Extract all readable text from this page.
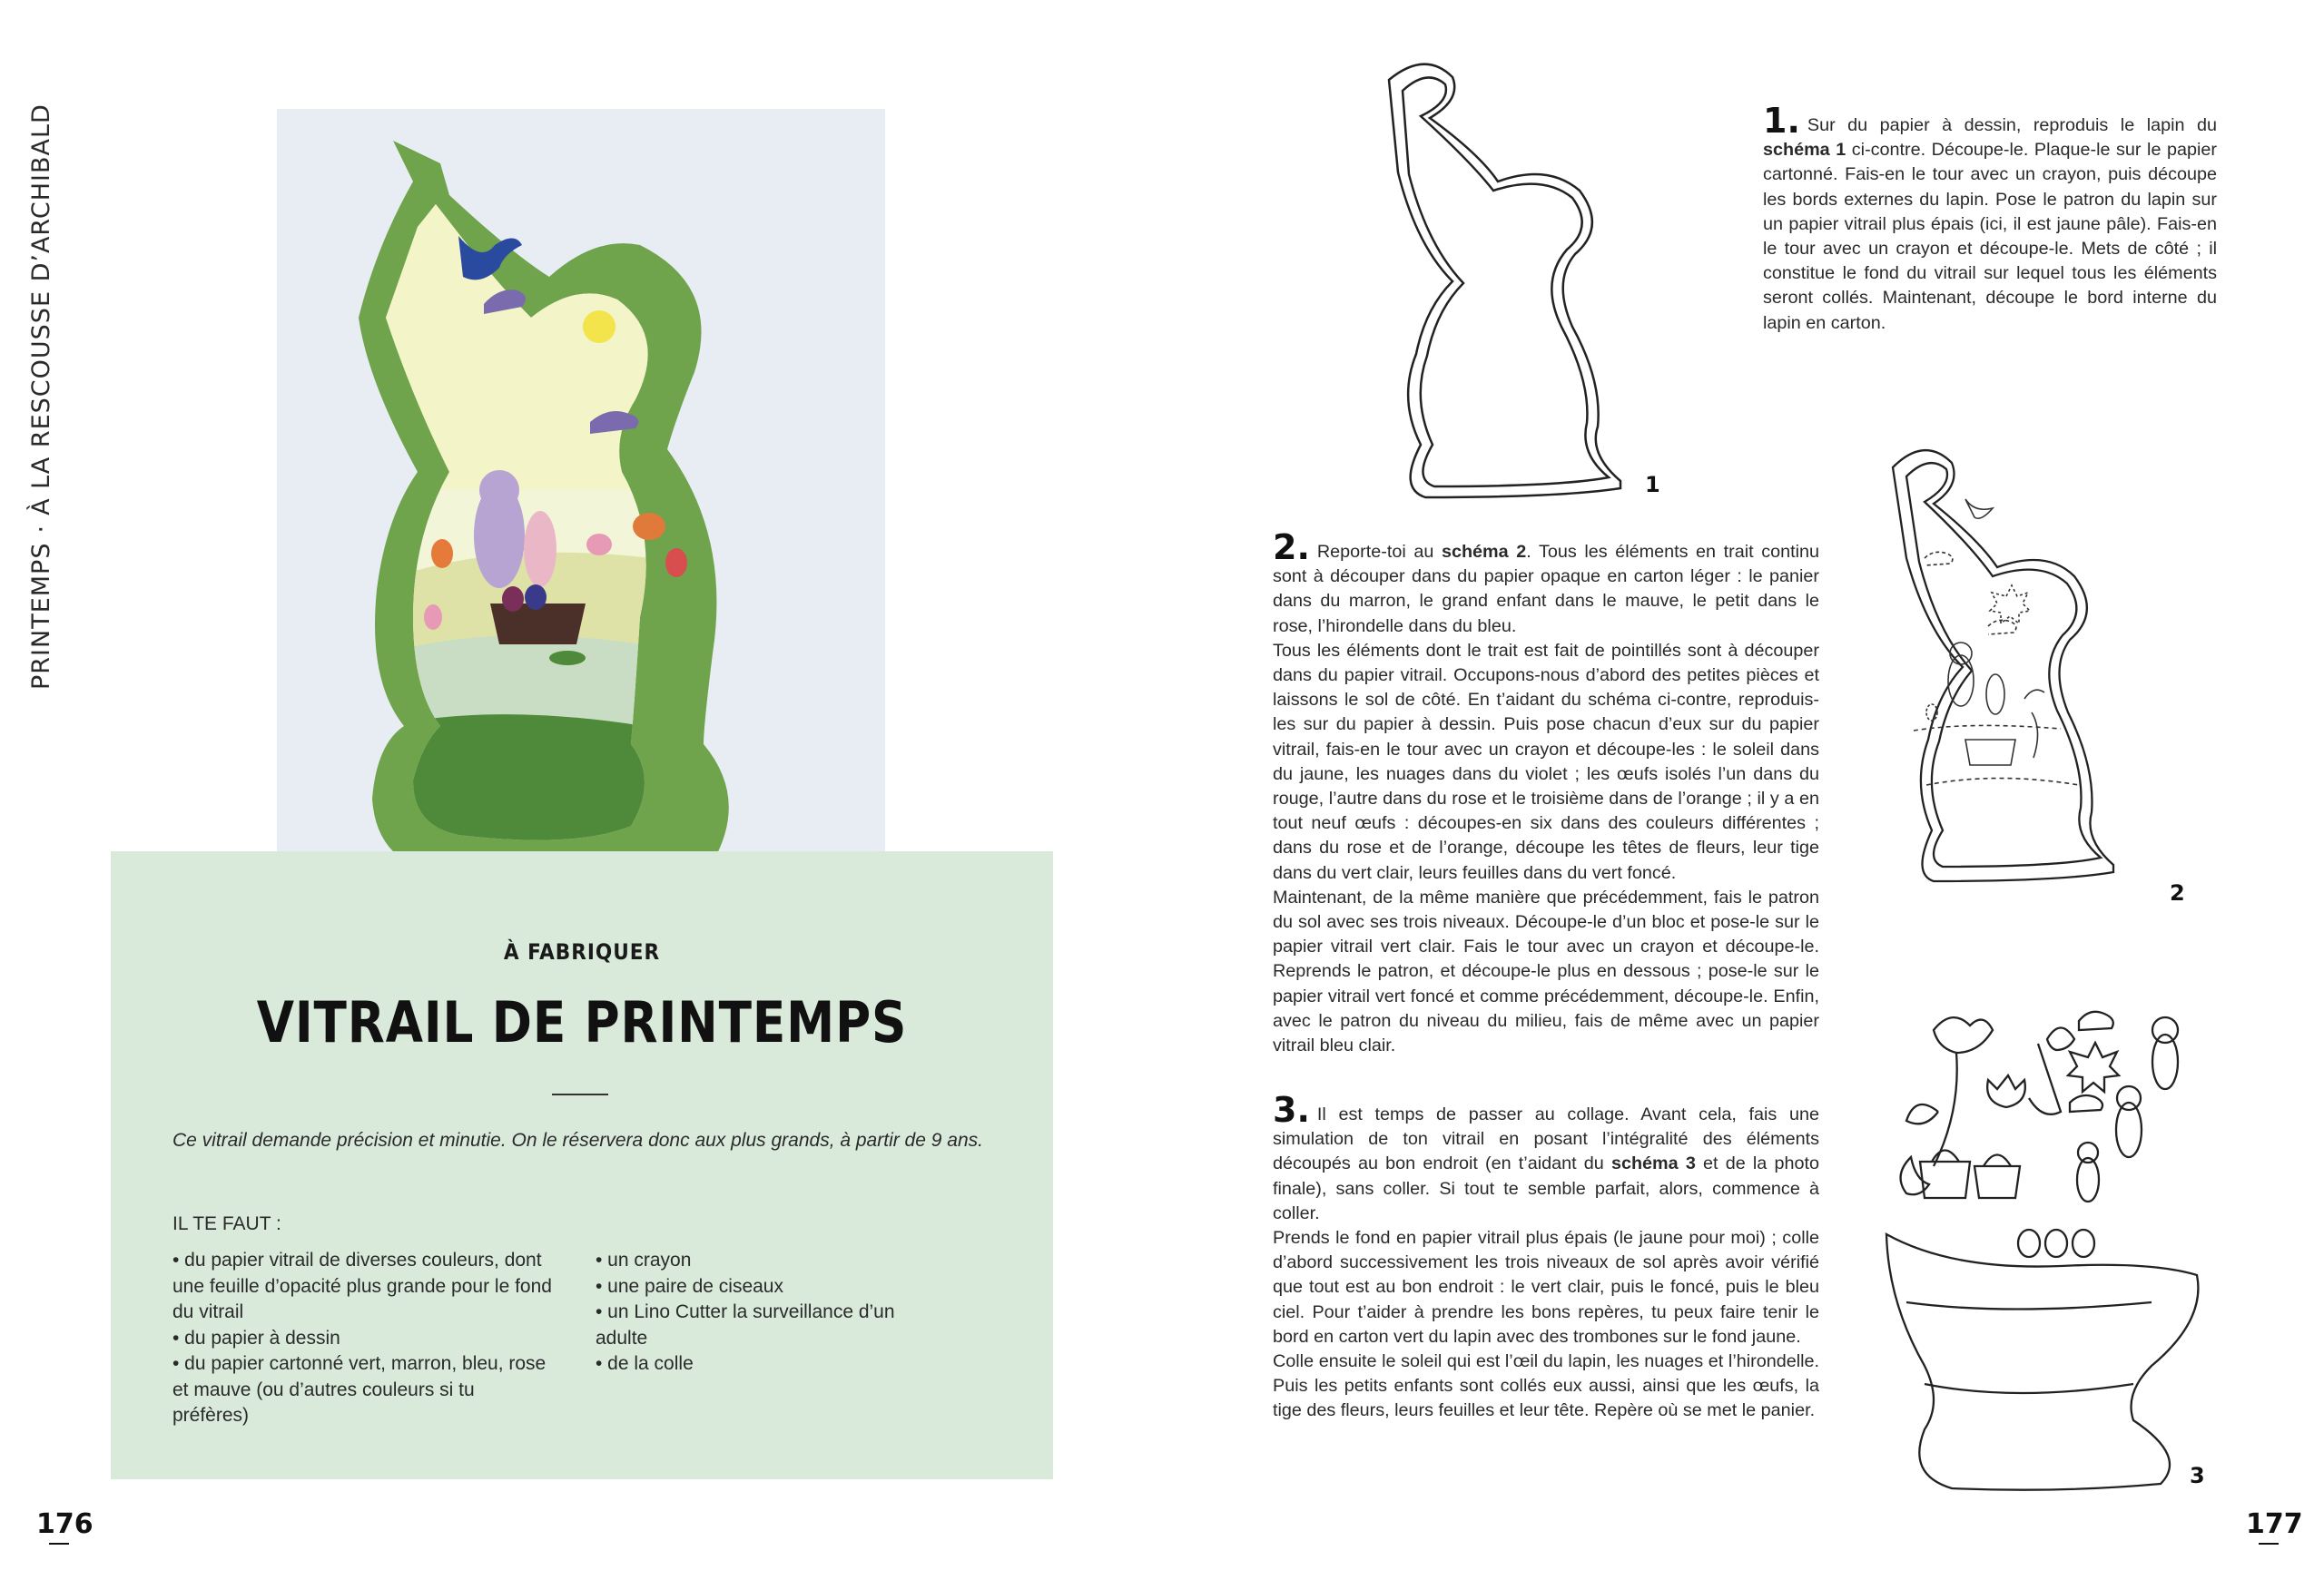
PRINTEMPS·À LA RESCOUSSE D’ARCHIBALD
À FABRIQUER
VITRAIL DE PRINTEMPS
Ce vitrail demande précision et minutie. On le réservera donc aux plus grands, à partir de 9 ans.
IL TE FAUT :
• du papier vitrail de diverses couleurs, dont une feuille d’opacité plus grande pour le fond du vitrail
• du papier à dessin
• du papier cartonné vert, marron, bleu, rose et mauve (ou d’autres couleurs si tu préfères)
• un crayon
• une paire de ciseaux
• un Lino Cutter la surveillance d’un adulte
• de la colle
176
1

1. Sur du papier à dessin, reproduis le lapin du schéma 1 ci-contre. Découpe-le. Plaque-le sur le papier cartonné. Fais-en le tour avec un crayon, puis découpe les bords externes du lapin. Pose le patron du lapin sur un papier vitrail plus épais (ici, il est jaune pâle). Fais-en le tour avec un crayon et découpe-le. Mets de côté ; il constitue le fond du vitrail sur lequel tous les éléments seront collés. Maintenant, découpe le bord interne du lapin en carton.

2

2. Reporte-toi au schéma 2. Tous les éléments en trait continu sont à découper dans du papier opaque en carton léger : le panier dans du marron, le grand enfant dans le mauve, le petit dans le rose, l’hirondelle dans du bleu.

Tous les éléments dont le trait est fait de pointillés sont à découper dans du papier vitrail. Occupons-nous d’abord des petites pièces et laissons le sol de côté. En t’aidant du schéma ci-contre, reproduis-les sur du papier à dessin. Puis pose chacun d’eux sur du papier vitrail, fais-en le tour avec un crayon et découpe-les : le soleil dans du jaune, les nuages dans du violet ; les œufs isolés l’un dans du rouge, l’autre dans du rose et le troisième dans de l’orange ; il y a en tout neuf œufs : découpes-en six dans des couleurs différentes ; dans du rose et de l’orange, découpe les têtes de fleurs, leur tige dans du vert clair, leurs feuilles dans du vert foncé.

Maintenant, de la même manière que précédemment, fais le patron du sol avec ses trois niveaux. Découpe-le d’un bloc et pose-le sur le papier vitrail vert clair. Fais le tour avec un crayon et découpe-le. Reprends le patron, et découpe-le plus en dessous ; pose-le sur le papier vitrail vert foncé et comme précédemment, découpe-le. Enfin, avec le patron du niveau du milieu, fais de même avec un papier vitrail bleu clair.

3. Il est temps de passer au collage. Avant cela, fais une simulation de ton vitrail en posant l’intégralité des éléments découpés au bon endroit (en t’aidant du schéma 3 et de la photo finale), sans coller. Si tout te semble parfait, alors, commence à coller.

Prends le fond en papier vitrail plus épais (le jaune pour moi) ; colle d’abord successivement les trois niveaux de sol après avoir vérifié que tout est au bon endroit : le vert clair, puis le foncé, puis le bleu ciel. Pour t’aider à prendre les bons repères, tu peux faire tenir le bord en carton vert du lapin avec des trombones sur le fond jaune.

Colle ensuite le soleil qui est l’œil du lapin, les nuages et l’hirondelle. Puis les petits enfants sont collés eux aussi, ainsi que les œufs, la tige des fleurs, leurs feuilles et leur tête. Repère où se met le panier.

3
177
